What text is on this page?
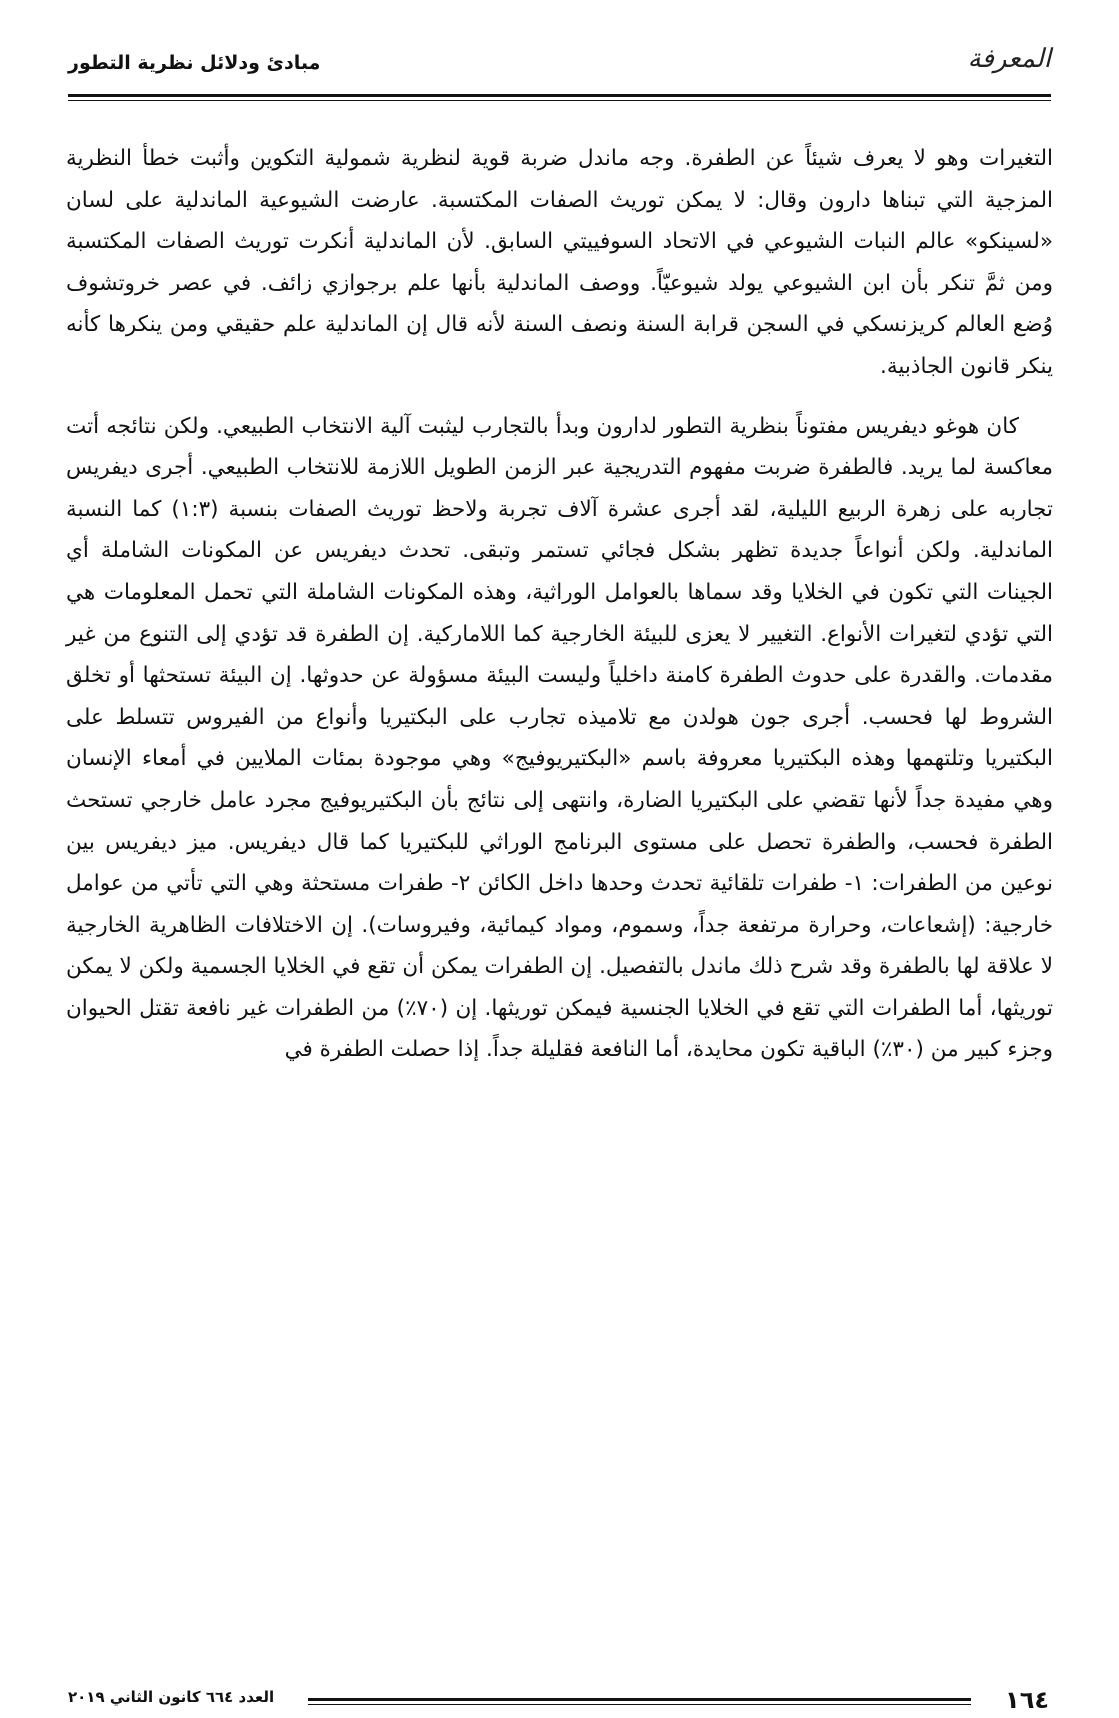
المعرفة
مبادئ ودلائل نظرية التطور

التغيرات وهو لا يعرف شيئاً عن الطفرة. وجه ماندل ضربة قوية لنظرية شمولية التكوين وأثبت خطأ النظرية المزجية التي تبناها دارون وقال: لا يمكن توريث الصفات المكتسبة. عارضت الشيوعية الماندلية على لسان «لسينكو» عالم النبات الشيوعي في الاتحاد السوفييتي السابق. لأن الماندلية أنكرت توريث الصفات المكتسبة ومن ثمَّ تنكر بأن ابن الشيوعي يولد شيوعيّاً. ووصف الماندلية بأنها علم برجوازي زائف. في عصر خروتشوف وُضع العالم كريزنسكي في السجن قرابة السنة ونصف السنة لأنه قال إن الماندلية علم حقيقي ومن ينكرها كأنه ينكر قانون الجاذبية.

كان هوغو ديفريس مفتوناً بنظرية التطور لدارون وبدأ بالتجارب ليثبت آلية الانتخاب الطبيعي. ولكن نتائجه أتت معاكسة لما يريد. فالطفرة ضربت مفهوم التدريجية عبر الزمن الطويل اللازمة للانتخاب الطبيعي. أجرى ديفريس تجاربه على زهرة الربيع الليلية، لقد أجرى عشرة آلاف تجربة ولاحظ توريث الصفات بنسبة (١:٣) كما النسبة الماندلية. ولكن أنواعاً جديدة تظهر بشكل فجائي تستمر وتبقى. تحدث ديفريس عن المكونات الشاملة أي الجينات التي تكون في الخلايا وقد سماها بالعوامل الوراثية، وهذه المكونات الشاملة التي تحمل المعلومات هي التي تؤدي لتغيرات الأنواع. التغيير لا يعزى للبيئة الخارجية كما اللاماركية. إن الطفرة قد تؤدي إلى التنوع من غير مقدمات. والقدرة على حدوث الطفرة كامنة داخلياً وليست البيئة مسؤولة عن حدوثها. إن البيئة تستحثها أو تخلق الشروط لها فحسب. أجرى جون هولدن مع تلاميذه تجارب على البكتيريا وأنواع من الفيروس تتسلط على البكتيريا وتلتهمها وهذه البكتيريا معروفة باسم «البكتيريوفيج» وهي موجودة بمئات الملايين في أمعاء الإنسان وهي مفيدة جداً لأنها تقضي على البكتيريا الضارة، وانتهى إلى نتائج بأن البكتيريوفيج مجرد عامل خارجي تستحث الطفرة فحسب، والطفرة تحصل على مستوى البرنامج الوراثي للبكتيريا كما قال ديفريس. ميز ديفريس بين نوعين من الطفرات: ١- طفرات تلقائية تحدث وحدها داخل الكائن ٢- طفرات مستحثة وهي التي تأتي من عوامل خارجية: (إشعاعات، وحرارة مرتفعة جداً، وسموم، ومواد كيمائية، وفيروسات). إن الاختلافات الظاهرية الخارجية لا علاقة لها بالطفرة وقد شرح ذلك ماندل بالتفصيل. إن الطفرات يمكن أن تقع في الخلايا الجسمية ولكن لا يمكن توريثها، أما الطفرات التي تقع في الخلايا الجنسية فيمكن توريثها. إن (٧٠٪) من الطفرات غير نافعة تقتل الحيوان وجزء كبير من (٣٠٪) الباقية تكون محايدة، أما النافعة فقليلة جداً. إذا حصلت الطفرة في

١٦٤
العدد ٦٦٤ كانون الثاني ٢٠١٩
